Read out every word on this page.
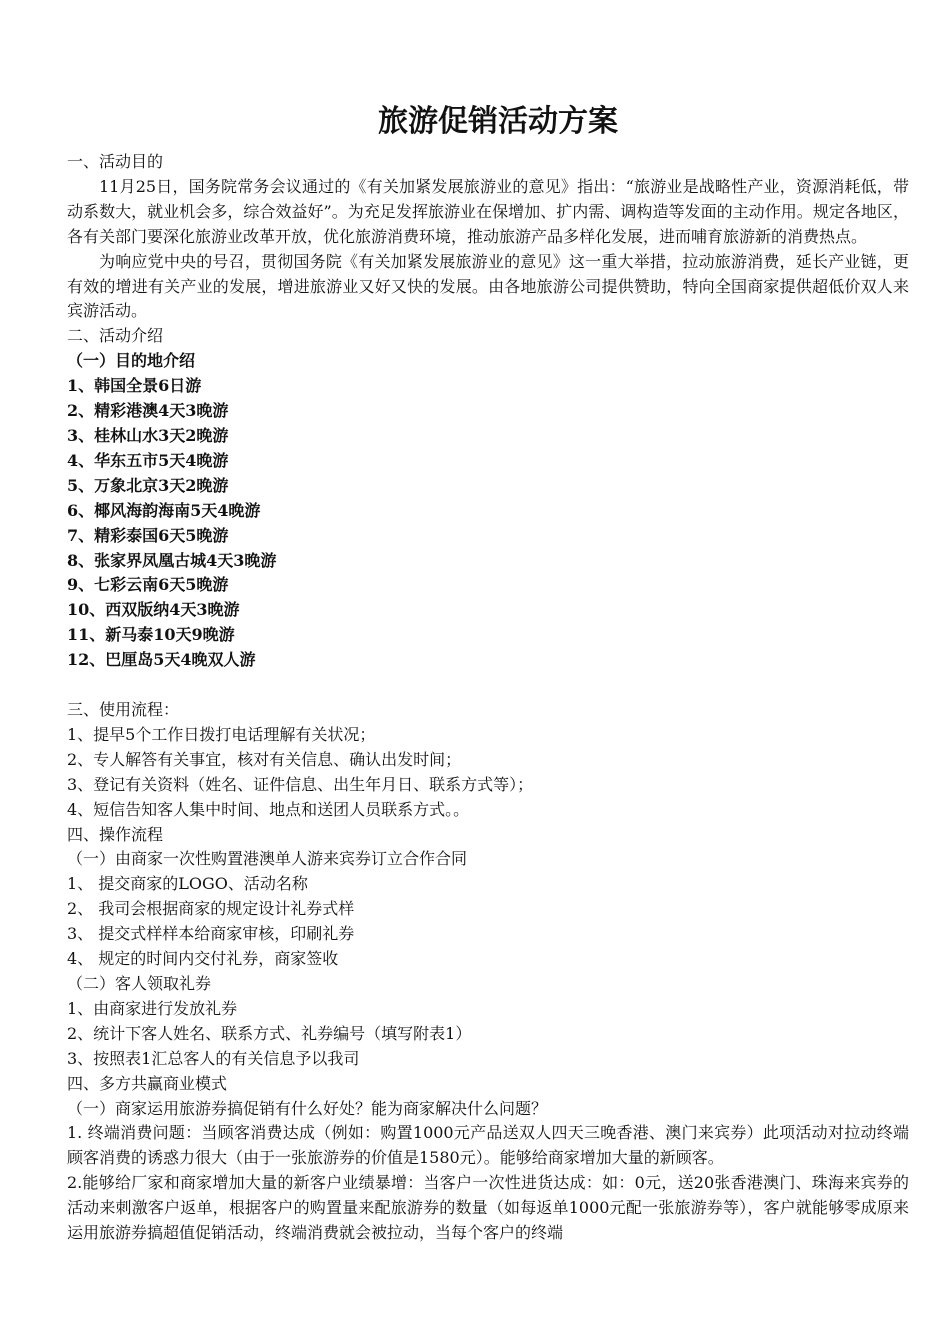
旅游促销活动方案

一、活动目的

11月25日，国务院常务会议通过的《有关加紧发展旅游业的意见》指出：“旅游业是战略性产业，资源消耗低，带动系数大，就业机会多，综合效益好”。为充足发挥旅游业在保增加、扩内需、调构造等发面的主动作用。规定各地区，各有关部门要深化旅游业改革开放，优化旅游消费环境，推动旅游产品多样化发展，进而哺育旅游新的消费热点。

为响应党中央的号召，贯彻国务院《有关加紧发展旅游业的意见》这一重大举措，拉动旅游消费，延长产业链，更有效的增进有关产业的发展，增进旅游业又好又快的发展。由各地旅游公司提供赞助，特向全国商家提供超低价双人来宾游活动。

二、活动介绍

（一）目的地介绍

1、韩国全景6日游
2、精彩港澳4天3晚游
3、桂林山水3天2晚游
4、华东五市5天4晚游
5、万象北京3天2晚游
6、椰风海韵海南5天4晚游
7、精彩泰国6天5晚游
8、张家界凤凰古城4天3晚游
9、七彩云南6天5晚游
10、西双版纳4天3晚游
11、新马泰10天9晚游
12、巴厘岛5天4晚双人游

三、使用流程：

1、提早5个工作日拨打电话理解有关状况；

2、专人解答有关事宜，核对有关信息、确认出发时间；

3、登记有关资料（姓名、证件信息、出生年月日、联系方式等）；

4、短信告知客人集中时间、地点和送团人员联系方式。。

四、操作流程

（一）由商家一次性购置港澳单人游来宾券订立合作合同

1、 提交商家的LOGO、活动名称

2、 我司会根据商家的规定设计礼券式样

3、 提交式样样本给商家审核，印刷礼券

4、 规定的时间内交付礼券，商家签收

（二）客人领取礼券

1、由商家进行发放礼券

2、统计下客人姓名、联系方式、礼券编号（填写附表1）

3、按照表1汇总客人的有关信息予以我司

四、多方共赢商业模式

（一）商家运用旅游券搞促销有什么好处？能为商家解决什么问题？

1. 终端消费问题：当顾客消费达成（例如：购置1000元产品送双人四天三晚香港、澳门来宾券）此项活动对拉动终端顾客消费的诱惑力很大（由于一张旅游券的价值是1580元）。能够给商家增加大量的新顾客。

2.能够给厂家和商家增加大量的新客户业绩暴增：当客户一次性进货达成：如：0元，送20张香港澳门、珠海来宾券的活动来刺激客户返单，根据客户的购置量来配旅游券的数量（如每返单1000元配一张旅游券等），客户就能够零成原来运用旅游券搞超值促销活动，终端消费就会被拉动，当每个客户的终端
